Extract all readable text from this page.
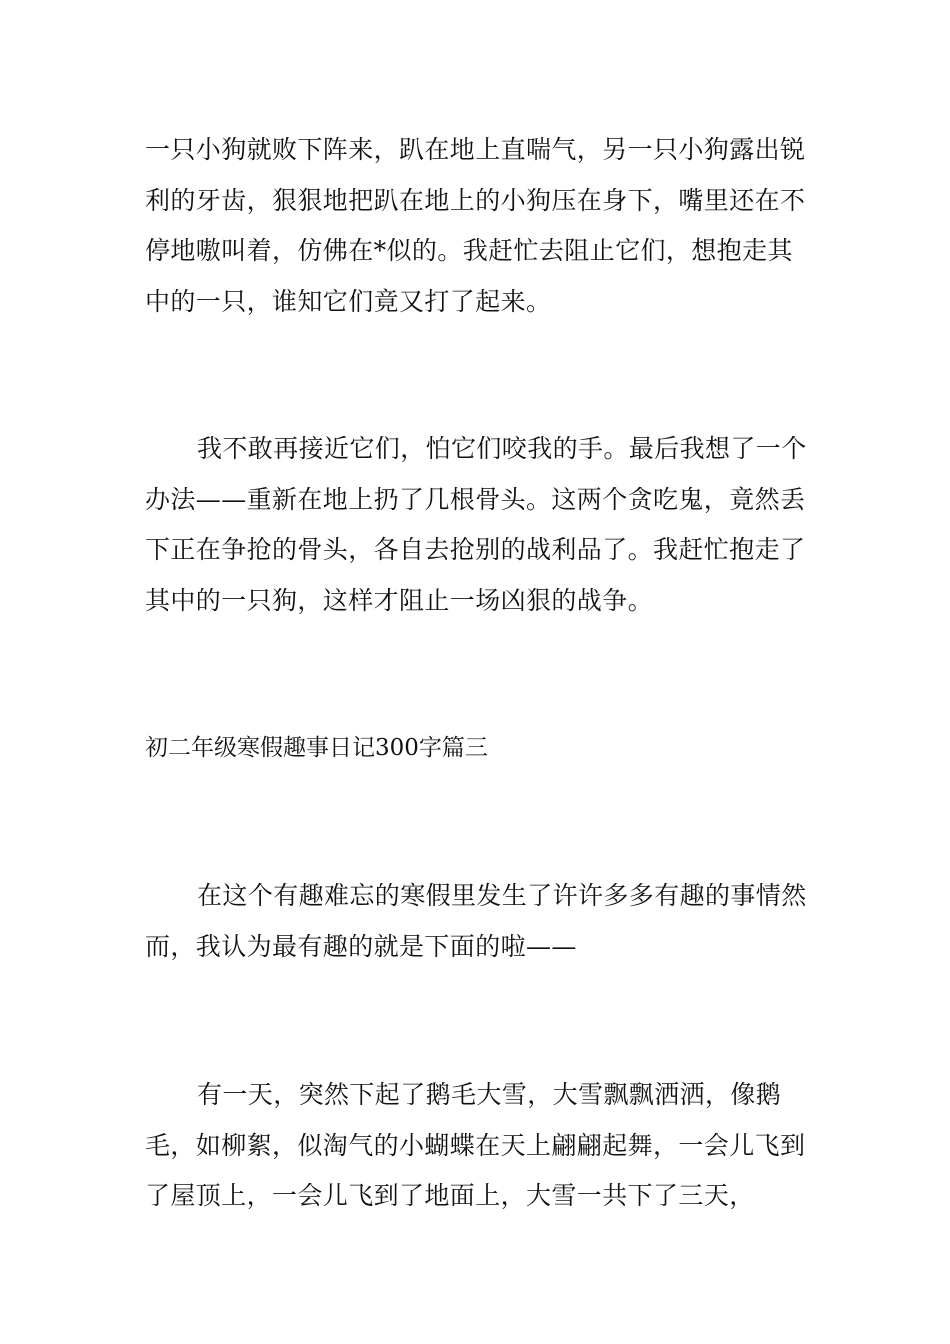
一只小狗就败下阵来，趴在地上直喘气，另一只小狗露出锐利的牙齿，狠狠地把趴在地上的小狗压在身下，嘴里还在不停地嗷叫着，仿佛在*似的。我赶忙去阻止它们，想抱走其中的一只，谁知它们竟又打了起来。

我不敢再接近它们，怕它们咬我的手。最后我想了一个办法——重新在地上扔了几根骨头。这两个贪吃鬼，竟然丢下正在争抢的骨头，各自去抢别的战利品了。我赶忙抱走了其中的一只狗，这样才阻止一场凶狠的战争。

初二年级寒假趣事日记300字篇三

在这个有趣难忘的寒假里发生了许许多多有趣的事情然而，我认为最有趣的就是下面的啦——

有一天，突然下起了鹅毛大雪，大雪飘飘洒洒，像鹅毛，如柳絮，似淘气的小蝴蝶在天上翩翩起舞，一会儿飞到了屋顶上，一会儿飞到了地面上，大雪一共下了三天，
